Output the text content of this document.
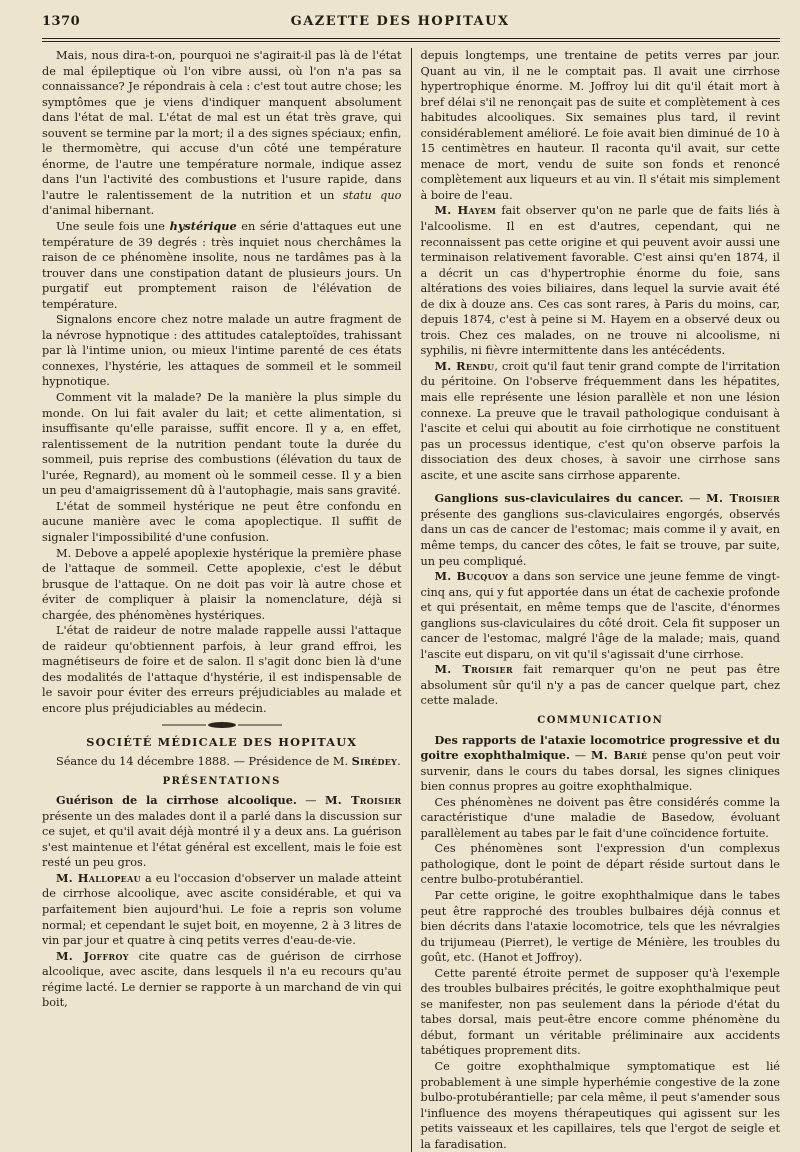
1370	GAZETTE DES HOPITAUX

Mais, nous dira-t-on, pourquoi ne s'agirait-il pas là de l'état de mal épileptique où l'on vibre aussi, où l'on n'a pas sa connaissance? Je répondrais à cela : c'est tout autre chose; les symptômes que je viens d'indiquer manquent absolument dans l'état de mal. L'état de mal est un état très grave, qui souvent se termine par la mort; il a des signes spéciaux; enfin, le thermomètre, qui accuse d'un côté une température énorme, de l'autre une température normale, indique assez dans l'un l'activité des combustions et l'usure rapide, dans l'autre le ralentissement de la nutrition et un statu quo d'animal hibernant.

Une seule fois une hystérique en série d'attaques eut une température de 39 degrés : très inquiet nous cherchâmes la raison de ce phénomène insolite, nous ne tardâmes pas à la trouver dans une constipation datant de plusieurs jours. Un purgatif eut promptement raison de l'élévation de température.

Signalons encore chez notre malade un autre fragment de la névrose hypnotique : des attitudes cataleptoïdes, trahissant par là l'intime union, ou mieux l'intime parenté de ces états connexes, l'hystérie, les attaques de sommeil et le sommeil hypnotique.

Comment vit la malade? De la manière la plus simple du monde. On lui fait avaler du lait; et cette alimentation, si insuffisante qu'elle paraisse, suffit encore. Il y a, en effet, ralentissement de la nutrition pendant toute la durée du sommeil, puis reprise des combustions (élévation du taux de l'urée, Regnard), au moment où le sommeil cesse. Il y a bien un peu d'amaigrissement dû à l'autophagie, mais sans gravité.

L'état de sommeil hystérique ne peut être confondu en aucune manière avec le coma apoplectique. Il suffit de signaler l'impossibilité d'une confusion.

M. Debove a appelé apoplexie hystérique la première phase de l'attaque de sommeil. Cette apoplexie, c'est le début brusque de l'attaque. On ne doit pas voir là autre chose et éviter de compliquer à plaisir la nomenclature, déjà si chargée, des phénomènes hystériques.

L'état de raideur de notre malade rappelle aussi l'attaque de raideur qu'obtiennent parfois, à leur grand effroi, les magnétiseurs de foire et de salon. Il s'agit donc bien là d'une des modalités de l'attaque d'hystérie, il est indispensable de le savoir pour éviter des erreurs préjudiciables au malade et encore plus préjudiciables au médecin.

SOCIÉTÉ MÉDICALE DES HOPITAUX

Séance du 14 décembre 1888. — Présidence de M. Sirédey.

PRÉSENTATIONS

Guérison de la cirrhose alcoolique. — M. Troisier présente un des malades dont il a parlé dans la discussion sur ce sujet, et qu'il avait déjà montré il y a deux ans. La guérison s'est maintenue et l'état général est excellent, mais le foie est resté un peu gros.

M. Hallopeau a eu l'occasion d'observer un malade atteint de cirrhose alcoolique, avec ascite considérable, et qui va parfaitement bien aujourd'hui. Le foie a repris son volume normal; et cependant le sujet boit, en moyenne, 2 à 3 litres de vin par jour et quatre à cinq petits verres d'eau-de-vie.

M. Joffroy cite quatre cas de guérison de cirrhose alcoolique, avec ascite, dans lesquels il n'a eu recours qu'au régime lacté. Le dernier se rapporte à un marchand de vin qui boit,

depuis longtemps, une trentaine de petits verres par jour. Quant au vin, il ne le comptait pas. Il avait une cirrhose hypertrophique énorme. M. Joffroy lui dit qu'il était mort à bref délai s'il ne renonçait pas de suite et complètement à ces habitudes alcooliques. Six semaines plus tard, il revint considérablement amélioré. Le foie avait bien diminué de 10 à 15 centimètres en hauteur. Il raconta qu'il avait, sur cette menace de mort, vendu de suite son fonds et renoncé complètement aux liqueurs et au vin. Il s'était mis simplement à boire de l'eau.

M. Hayem fait observer qu'on ne parle que de faits liés à l'alcoolisme. Il en est d'autres, cependant, qui ne reconnaissent pas cette origine et qui peuvent avoir aussi une terminaison relativement favorable. C'est ainsi qu'en 1874, il a décrit un cas d'hypertrophie énorme du foie, sans altérations des voies biliaires, dans lequel la survie avait été de dix à douze ans. Ces cas sont rares, à Paris du moins, car, depuis 1874, c'est à peine si M. Hayem en a observé deux ou trois. Chez ces malades, on ne trouve ni alcoolisme, ni syphilis, ni fièvre intermittente dans les antécédents.

M. Rendu, croit qu'il faut tenir grand compte de l'irritation du péritoine. On l'observe fréquemment dans les hépatites, mais elle représente une lésion parallèle et non une lésion connexe. La preuve que le travail pathologique conduisant à l'ascite et celui qui aboutit au foie cirrhotique ne constituent pas un processus identique, c'est qu'on observe parfois la dissociation des deux choses, à savoir une cirrhose sans ascite, et une ascite sans cirrhose apparente.

Ganglions sus-claviculaires du cancer. — M. Troisier présente des ganglions sus-claviculaires engorgés, observés dans un cas de cancer de l'estomac; mais comme il y avait, en même temps, du cancer des côtes, le fait se trouve, par suite, un peu compliqué.

M. Bucquoy a dans son service une jeune femme de vingt-cinq ans, qui y fut apportée dans un état de cachexie profonde et qui présentait, en même temps que de l'ascite, d'énormes ganglions sus-claviculaires du côté droit. Cela fit supposer un cancer de l'estomac, malgré l'âge de la malade; mais, quand l'ascite eut disparu, on vit qu'il s'agissait d'une cirrhose.

M. Troisier fait remarquer qu'on ne peut pas être absolument sûr qu'il n'y a pas de cancer quelque part, chez cette malade.

COMMUNICATION

Des rapports de l'ataxie locomotrice progressive et du goitre exophthalmique. — M. Barié pense qu'on peut voir survenir, dans le cours du tabes dorsal, les signes cliniques bien connus propres au goitre exophthalmique.

Ces phénomènes ne doivent pas être considérés comme la caractéristique d'une maladie de Basedow, évoluant parallèlement au tabes par le fait d'une coïncidence fortuite.

Ces phénomènes sont l'expression d'un complexus pathologique, dont le point de départ réside surtout dans le centre bulbo-protubérantiel.

Par cette origine, le goitre exophthalmique dans le tabes peut être rapproché des troubles bulbaires déjà connus et bien décrits dans l'ataxie locomotrice, tels que les névralgies du trijumeau (Pierret), le vertige de Ménière, les troubles du goût, etc. (Hanot et Joffroy).

Cette parenté étroite permet de supposer qu'à l'exemple des troubles bulbaires précités, le goitre exophthalmique peut se manifester, non pas seulement dans la période d'état du tabes dorsal, mais peut-être encore comme phénomène du début, formant un véritable préliminaire aux accidents tabétiques proprement dits.

Ce goitre exophthalmique symptomatique est lié probablement à une simple hyperhémie congestive de la zone bulbo-protubérantielle; par cela même, il peut s'amender sous l'influence des moyens thérapeutiques qui agissent sur les petits vaisseaux et les capillaires, tels que l'ergot de seigle et la faradisation.
